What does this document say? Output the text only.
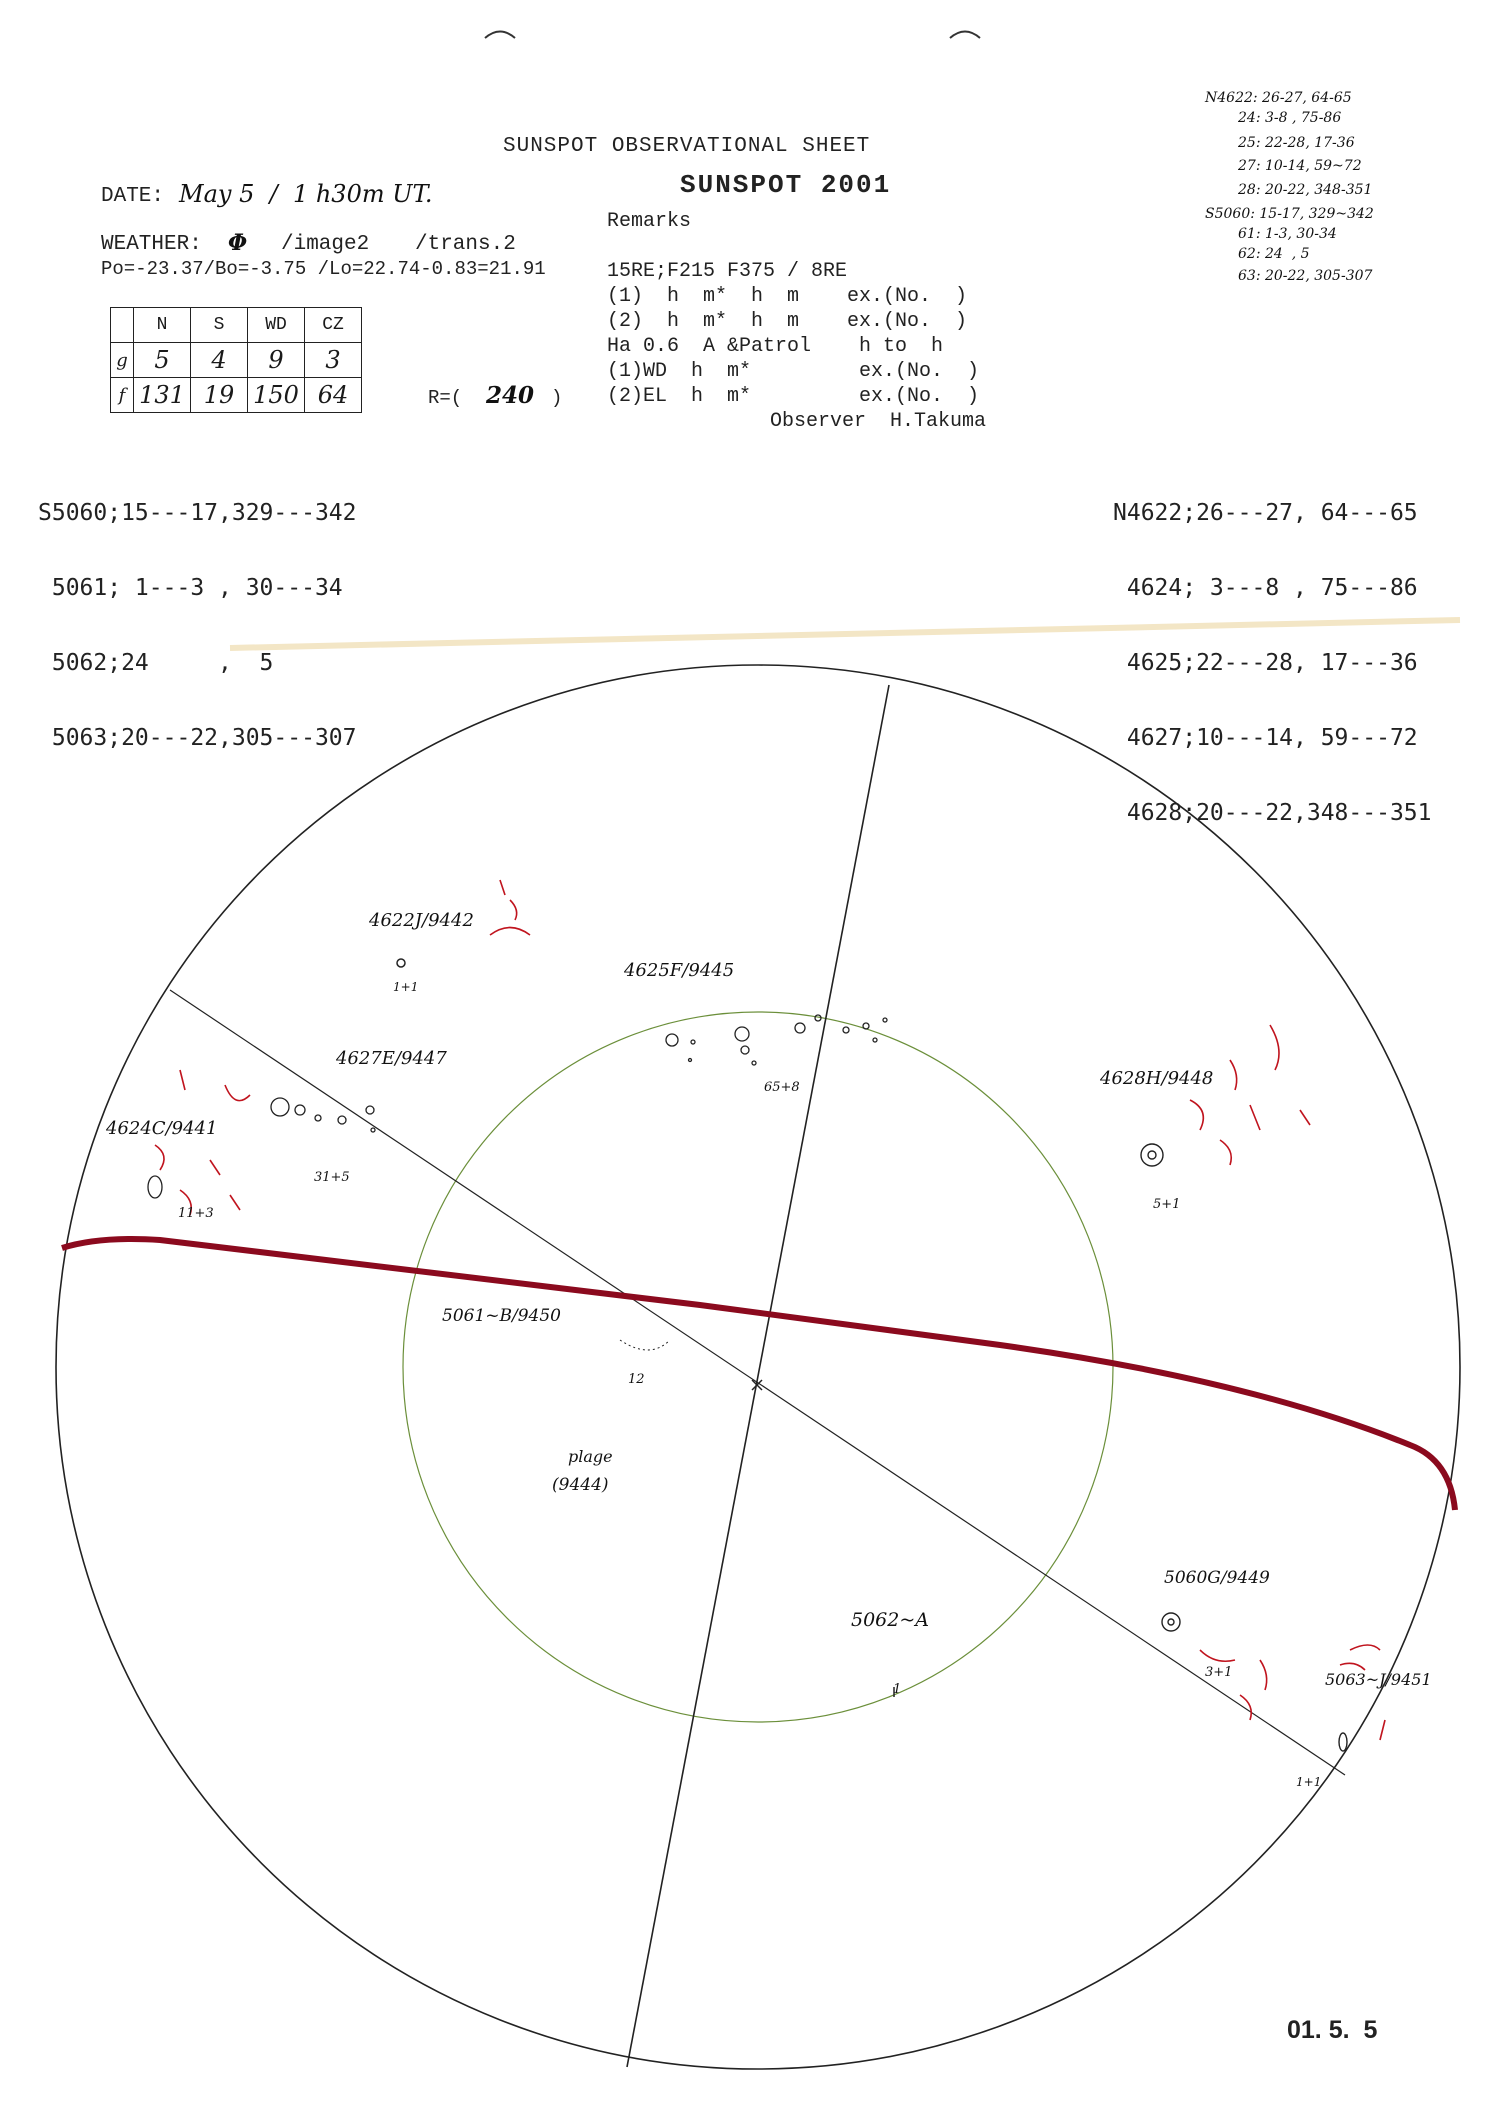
SUNSPOT OBSERVATIONAL SHEET
SUNSPOT 2001
Remarks
DATE: May 5  /  1 h30m UT.
WEATHER: Φ /image2 /trans.2
Po=-23.37/Bo=-3.75 /Lo=22.74-0.83=21.91
	N	S	WD	CZ
g	5	4	9	3
f	131	19	150	64	R=( 240 )
15RE;F215 F375 / 8RE
(1)  h  m*  h  m    ex.(No.  )
(2)  h  m*  h  m    ex.(No.  )
Ha 0.6  A &Patrol    h to  h
(1)WD  h  m*         ex.(No.  )
(2)EL  h  m*         ex.(No.  )
Observer  H.Takuma
N4622: 26-27, 64-65
24: 3-8 , 75-86
25: 22-28, 17-36
27: 10-14, 59~72
28: 20-22, 348-351
S5060: 15-17, 329~342
61: 1-3, 30-34
62: 24  , 5
63: 20-22, 305-307

S5060;15---17,329---342

5061; 1---3 , 30---34

5062;24     ,  5

5063;20---22,305---307

N4622;26---27, 64---65

4624; 3---8 , 75---86

4625;22---28, 17---36

4627;10---14, 59---72

4628;20---22,348---351

4622J/9442
1+1
4625F/9445
65+8
4627E/9447
31+5
4624C/9441
11+3
4628H/9448
5+1
5061~B/9450
12
plage
(9444)
5062~A
1
5060G/9449
3+1	5063~J/9451
1+1
01. 5.  5
